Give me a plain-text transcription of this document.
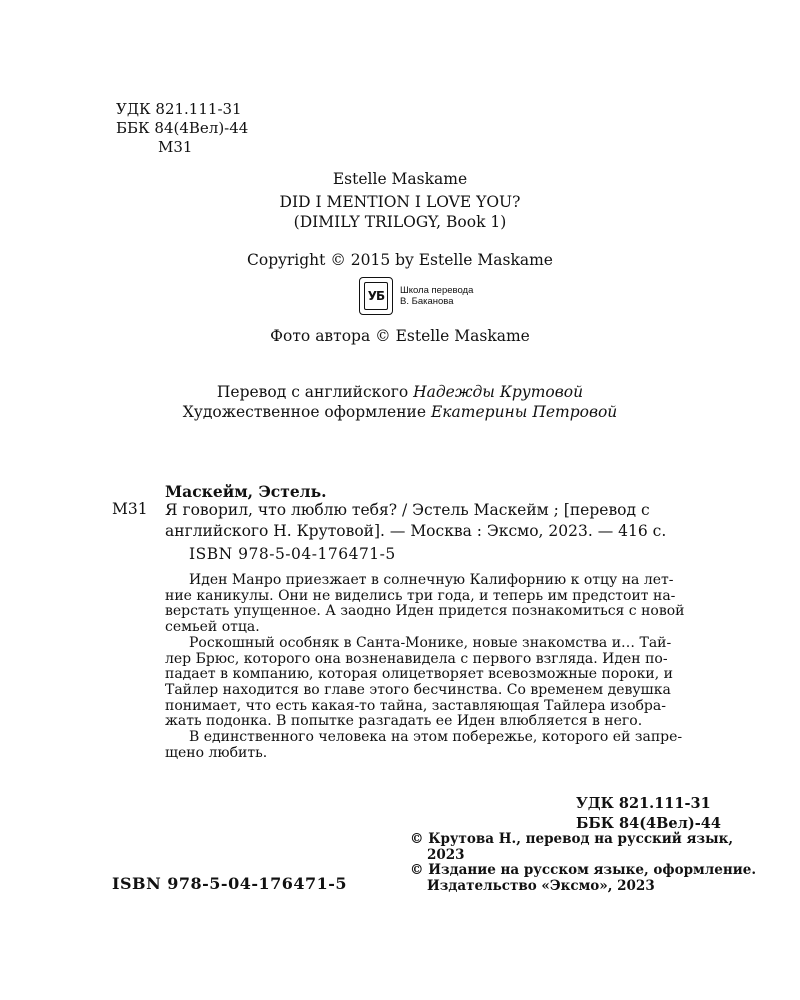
УДК 821.111-31
ББК 84(4Вел)-44
М31
Estelle Maskame
DID I MENTION I LOVE YOU?
(DIMILY TRILOGY, Book 1)
Copyright © 2015 by Estelle Maskame
УБ	Школа перевода
В. Баканова
Фото автора © Estelle Maskame
Перевод с английского Надежды Крутовой
Художественное оформление Екатерины Петровой
Маскейм, Эстель.
М31 Я говорил, что люблю тебя? / Эстель Маскейм ; [перевод с
английского Н. Крутовой]. — Москва : Эксмо, 2023. — 416 с.
ISBN 978-5-04-176471-5
Иден Манро приезжает в солнечную Калифорнию к отцу на лет-
ние каникулы. Они не виделись три года, и теперь им предстоит на-
верстать упущенное. А заодно Иден придется познакомиться с новой
семьей отца.
Роскошный особняк в Санта-Монике, новые знакомства и… Тай-
лер Брюс, которого она возненавидела с первого взгляда. Иден по-
падает в компанию, которая олицетворяет всевозможные пороки, и
Тайлер находится во главе этого бесчинства. Со временем девушка
понимает, что есть какая-то тайна, заставляющая Тайлера изобра-
жать подонка. В попытке разгадать ее Иден влюбляется в него.
В единственного человека на этом побережье, которого ей запре-
щено любить.
УДК 821.111-31
ББК 84(4Вел)-44
© Крутова Н., перевод на русский язык,
2023
© Издание на русском языке, оформление.
Издательство «Эксмо», 2023
ISBN 978-5-04-176471-5
